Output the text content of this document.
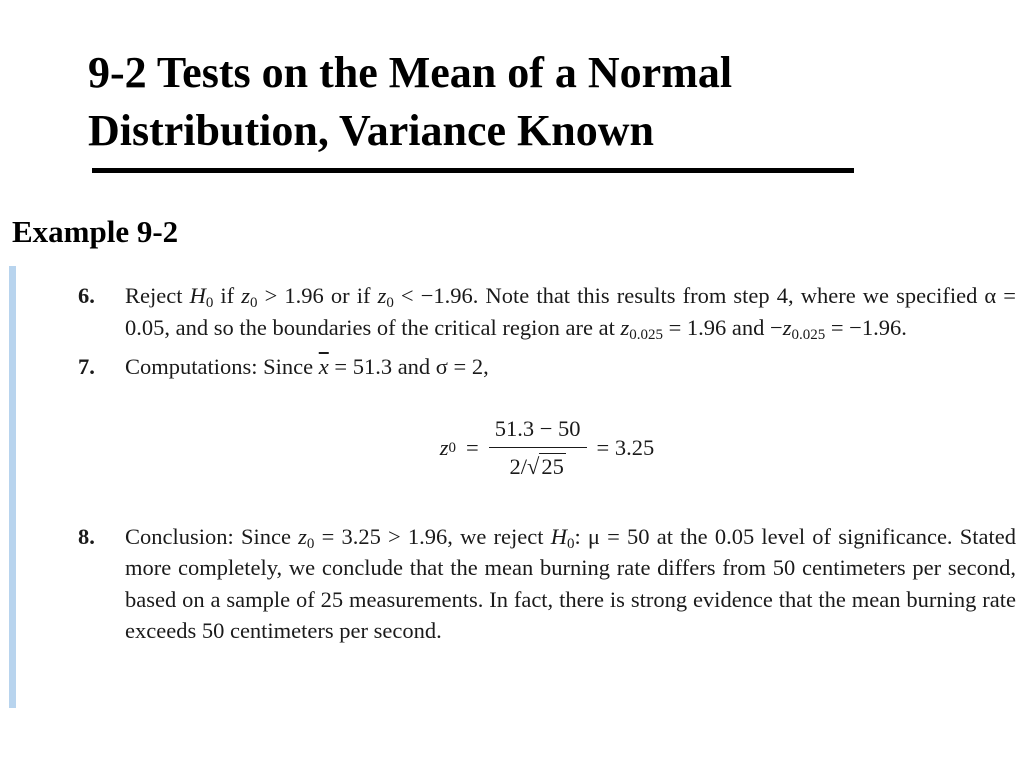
9-2 Tests on the Mean of a Normal
Distribution, Variance Known
Example 9-2
6.	Reject $H_0$ if $z_0 > 1.96$ or if $z_0 < -1.96$. Note that this results from step 4, where we specified α = 0.05, and so the boundaries of the critical region are at $z_{0.025} = 1.96$ and $-z_{0.025} = -1.96$.
7.	Computations: Since $\overline{x} = 51.3$ and σ = 2,
z $0 = \frac{51.3 - 50}{2/√25} = 3.25$
8.	Conclusion: Since $z_0 = 3.25 > 1.96$, we reject $H_0$: μ = 50 at the 0.05 level of significance. Stated more completely, we conclude that the mean burning rate differs from 50 centimeters per second, based on a sample of 25 measurements. In fact, there is strong evidence that the mean burning rate exceeds 50 centimeters per second.
